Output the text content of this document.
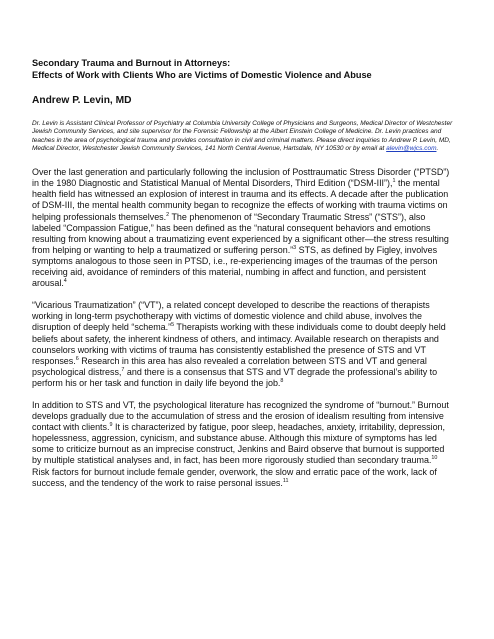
Secondary Trauma and Burnout in Attorneys:
Effects of Work with Clients Who are Victims of Domestic Violence and Abuse

Andrew P. Levin, MD

Dr. Levin is Assistant Clinical Professor of Psychiatry at Columbia University College of Physicians and Surgeons, Medical Director of Westchester Jewish Community Services, and site supervisor for the Forensic Fellowship at the Albert Einstein College of Medicine. Dr. Levin practices and teaches in the area of psychological trauma and provides consultation in civil and criminal matters. Please direct inquiries to Andrew P. Levin, MD, Medical Director, Westchester Jewish Community Services, 141 North Central Avenue, Hartsdale, NY 10530 or by email at alevin@wjcs.com.

Over the last generation and particularly following the inclusion of Posttraumatic Stress Disorder (“PTSD”) in the 1980 Diagnostic and Statistical Manual of Mental Disorders, Third Edition (“DSM-III”),$^1$ the mental health field has witnessed an explosion of interest in trauma and its effects. A decade after the publication of DSM-III, the mental health community began to recognize the effects of working with trauma victims on helping professionals themselves.$^2$ The phenomenon of “Secondary Traumatic Stress” (“STS”), also labeled “Compassion Fatigue,” has been defined as the “natural consequent behaviors and emotions resulting from knowing about a traumatizing event experienced by a significant other—the stress resulting from helping or wanting to help a traumatized or suffering person.”$^3$ STS, as defined by Figley, involves symptoms analogous to those seen in PTSD, i.e., re-experiencing images of the traumas of the person receiving aid, avoidance of reminders of this material, numbing in affect and function, and persistent arousal.$^4$

“Vicarious Traumatization” (“VT”), a related concept developed to describe the reactions of therapists working in long-term psychotherapy with victims of domestic violence and child abuse, involves the disruption of deeply held “schema.”$^5$ Therapists working with these individuals come to doubt deeply held beliefs about safety, the inherent kindness of others, and intimacy. Available research on therapists and counselors working with victims of trauma has consistently established the presence of STS and VT responses.$^6$ Research in this area has also revealed a correlation between STS and VT and general psychological distress,$^7$ and there is a consensus that STS and VT degrade the professional’s ability to perform his or her task and function in daily life beyond the job.$^8$

In addition to STS and VT, the psychological literature has recognized the syndrome of “burnout.” Burnout develops gradually due to the accumulation of stress and the erosion of idealism resulting from intensive contact with clients.$^9$ It is characterized by fatigue, poor sleep, headaches, anxiety, irritability, depression, hopelessness, aggression, cynicism, and substance abuse. Although this mixture of symptoms has led some to criticize burnout as an imprecise construct, Jenkins and Baird observe that burnout is supported by multiple statistical analyses and, in fact, has been more rigorously studied than secondary trauma.$^{10}$ Risk factors for burnout include female gender, overwork, the slow and erratic pace of the work, lack of success, and the tendency of the work to raise personal issues.$^{11}$
